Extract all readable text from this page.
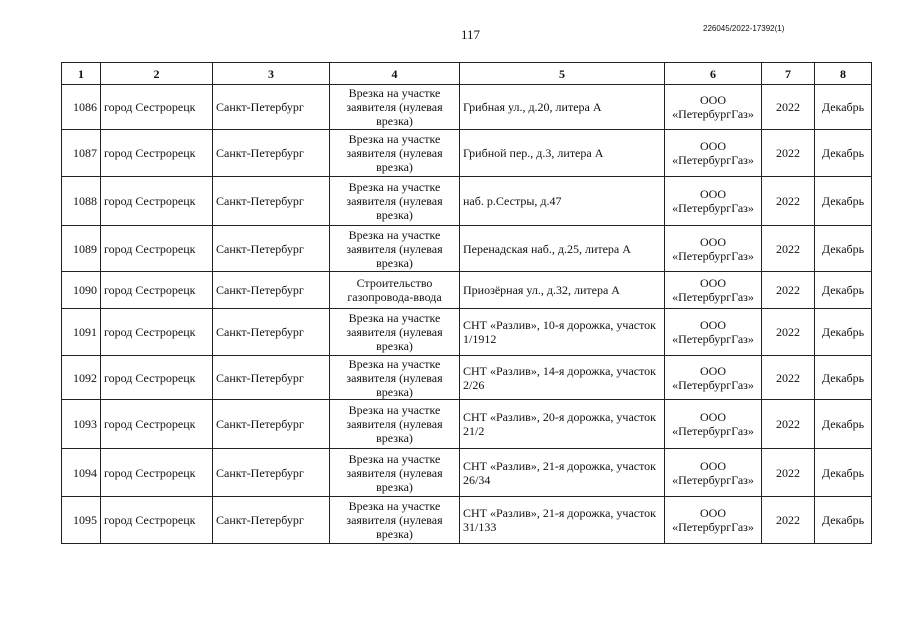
117	226045/2022-17392(1)
1	2	3	4	5	6	7	8
1086	город Сестрорецк	Санкт-Петербург	Врезка на участке заявителя (нулевая врезка)	Грибная ул., д.20, литера А	ООО «ПетербургГаз»	2022	Декабрь
1087	город Сестрорецк	Санкт-Петербург	Врезка на участке заявителя (нулевая врезка)	Грибной пер., д.3, литера А	ООО «ПетербургГаз»	2022	Декабрь
1088	город Сестрорецк	Санкт-Петербург	Врезка на участке заявителя (нулевая врезка)	наб. р.Сестры, д.47	ООО «ПетербургГаз»	2022	Декабрь
1089	город Сестрорецк	Санкт-Петербург	Врезка на участке заявителя (нулевая врезка)	Перенадская наб., д.25, литера А	ООО «ПетербургГаз»	2022	Декабрь
1090	город Сестрорецк	Санкт-Петербург	Строительство газопровода-ввода	Приозёрная ул., д.32, литера А	ООО «ПетербургГаз»	2022	Декабрь
1091	город Сестрорецк	Санкт-Петербург	Врезка на участке заявителя (нулевая врезка)	СНТ «Разлив», 10-я дорожка, участок 1/1912	ООО «ПетербургГаз»	2022	Декабрь
1092	город Сестрорецк	Санкт-Петербург	Врезка на участке заявителя (нулевая врезка)	СНТ «Разлив», 14-я дорожка, участок 2/26	ООО «ПетербургГаз»	2022	Декабрь
1093	город Сестрорецк	Санкт-Петербург	Врезка на участке заявителя (нулевая врезка)	СНТ «Разлив», 20-я дорожка, участок 21/2	ООО «ПетербургГаз»	2022	Декабрь
1094	город Сестрорецк	Санкт-Петербург	Врезка на участке заявителя (нулевая врезка)	СНТ «Разлив», 21-я дорожка, участок 26/34	ООО «ПетербургГаз»	2022	Декабрь
1095	город Сестрорецк	Санкт-Петербург	Врезка на участке заявителя (нулевая врезка)	СНТ «Разлив», 21-я дорожка, участок 31/133	ООО «ПетербургГаз»	2022	Декабрь
